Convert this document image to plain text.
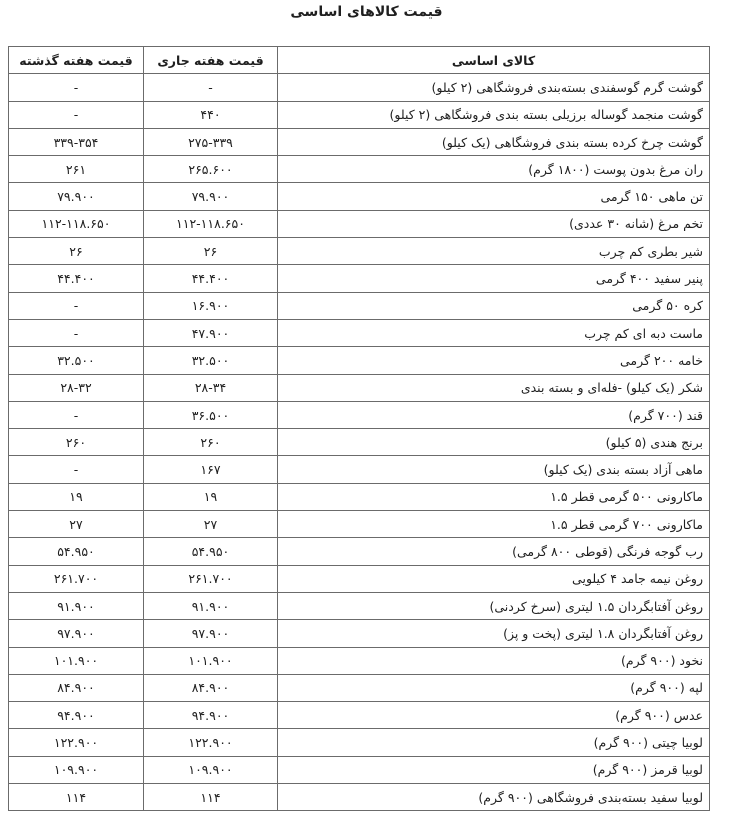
قیمت کالاهای اساسی
کالای اساسی	قیمت هفته جاری	قیمت هفته گذشته
گوشت گرم گوسفندی بسته‌بندی فروشگاهی (۲ کیلو)	-	-
گوشت منجمد گوساله برزیلی بسته بندی فروشگاهی (۲ کیلو)	۴۴۰	-
گوشت چرخ کرده بسته بندی فروشگاهی (یک کیلو)	۲۷۵-۳۳۹	۳۳۹-۳۵۴
ران مرغ بدون پوست (۱۸۰۰ گرم)	۲۶۵.۶۰۰	۲۶۱
تن ماهی ۱۵۰ گرمی	۷۹.۹۰۰	۷۹.۹۰۰
تخم مرغ (شانه ۳۰ عددی)	۱۱۲-۱۱۸.۶۵۰	۱۱۲-۱۱۸.۶۵۰
شیر بطری کم چرب	۲۶	۲۶
پنیر سفید ۴۰۰ گرمی	۴۴.۴۰۰	۴۴.۴۰۰
کره ۵۰ گرمی	۱۶.۹۰۰	-
ماست دبه ای کم چرب	۴۷.۹۰۰	-
خامه ۲۰۰ گرمی	۳۲.۵۰۰	۳۲.۵۰۰
شکر (یک کیلو) -فله‌ای و بسته بندی	۲۸-۳۴	۲۸-۳۲
قند (۷۰۰ گرم)	۳۶.۵۰۰	-
برنج هندی (۵ کیلو)	۲۶۰	۲۶۰
ماهی آزاد بسته بندی (یک کیلو)	۱۶۷	-
ماکارونی ۵۰۰ گرمی قطر ۱.۵	۱۹	۱۹
ماکارونی ۷۰۰ گرمی قطر ۱.۵	۲۷	۲۷
رب گوجه فرنگی (قوطی ۸۰۰ گرمی)	۵۴.۹۵۰	۵۴.۹۵۰
روغن نیمه جامد ۴ کیلویی	۲۶۱.۷۰۰	۲۶۱.۷۰۰
روغن آفتابگردان ۱.۵ لیتری (سرخ کردنی)	۹۱.۹۰۰	۹۱.۹۰۰
روغن آفتابگردان ۱.۸ لیتری (پخت و پز)	۹۷.۹۰۰	۹۷.۹۰۰
نخود (۹۰۰ گرم)	۱۰۱.۹۰۰	۱۰۱.۹۰۰
لپه (۹۰۰ گرم)	۸۴.۹۰۰	۸۴.۹۰۰
عدس (۹۰۰ گرم)	۹۴.۹۰۰	۹۴.۹۰۰
لوبیا چیتی (۹۰۰ گرم)	۱۲۲.۹۰۰	۱۲۲.۹۰۰
لوبیا قرمز (۹۰۰ گرم)	۱۰۹.۹۰۰	۱۰۹.۹۰۰
لوبیا سفید بسته‌بندی فروشگاهی (۹۰۰ گرم)	۱۱۴	۱۱۴
